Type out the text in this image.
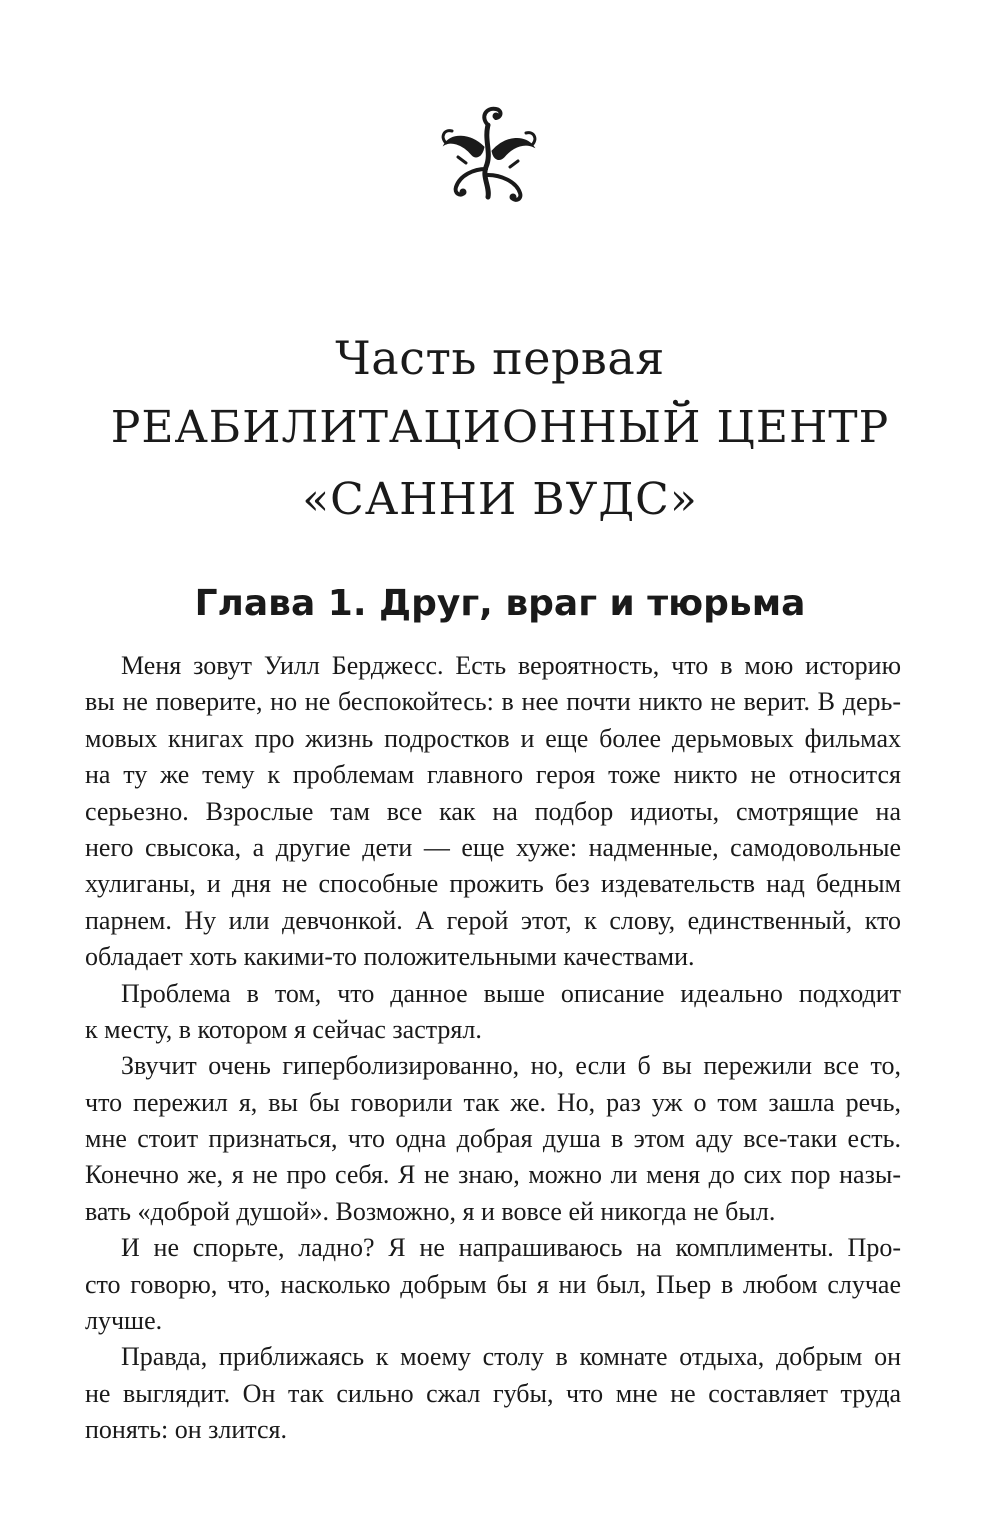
Часть первая
РЕАБИЛИТАЦИОННЫЙ ЦЕНТР
«САННИ ВУДС»
Глава 1. Друг, враг и тюрьма
Меня зовут Уилл Берджесс. Есть вероятность, что в мою историю
вы не поверите, но не беспокойтесь: в нее почти никто не верит. В дерь-
мовых книгах про жизнь подростков и еще более дерьмовых фильмах
на ту же тему к проблемам главного героя тоже никто не относится
серьезно. Взрослые там все как на подбор идиоты, смотрящие на
него свысока, а другие дети — еще хуже: надменные, самодовольные
хулиганы, и дня не способные прожить без издевательств над бедным
парнем. Ну или девчонкой. А герой этот, к слову, единственный, кто
обладает хоть какими-то положительными качествами.
Проблема в том, что данное выше описание идеально подходит
к месту, в котором я сейчас застрял.
Звучит очень гиперболизированно, но, если б вы пережили все то,
что пережил я, вы бы говорили так же. Но, раз уж о том зашла речь,
мне стоит признаться, что одна добрая душа в этом аду все-таки есть.
Конечно же, я не про себя. Я не знаю, можно ли меня до сих пор назы-
вать «доброй душой». Возможно, я и вовсе ей никогда не был.
И не спорьте, ладно? Я не напрашиваюсь на комплименты. Про-
сто говорю, что, насколько добрым бы я ни был, Пьер в любом случае
лучше.
Правда, приближаясь к моему столу в комнате отдыха, добрым он
не выглядит. Он так сильно сжал губы, что мне не составляет труда
понять: он злится.
